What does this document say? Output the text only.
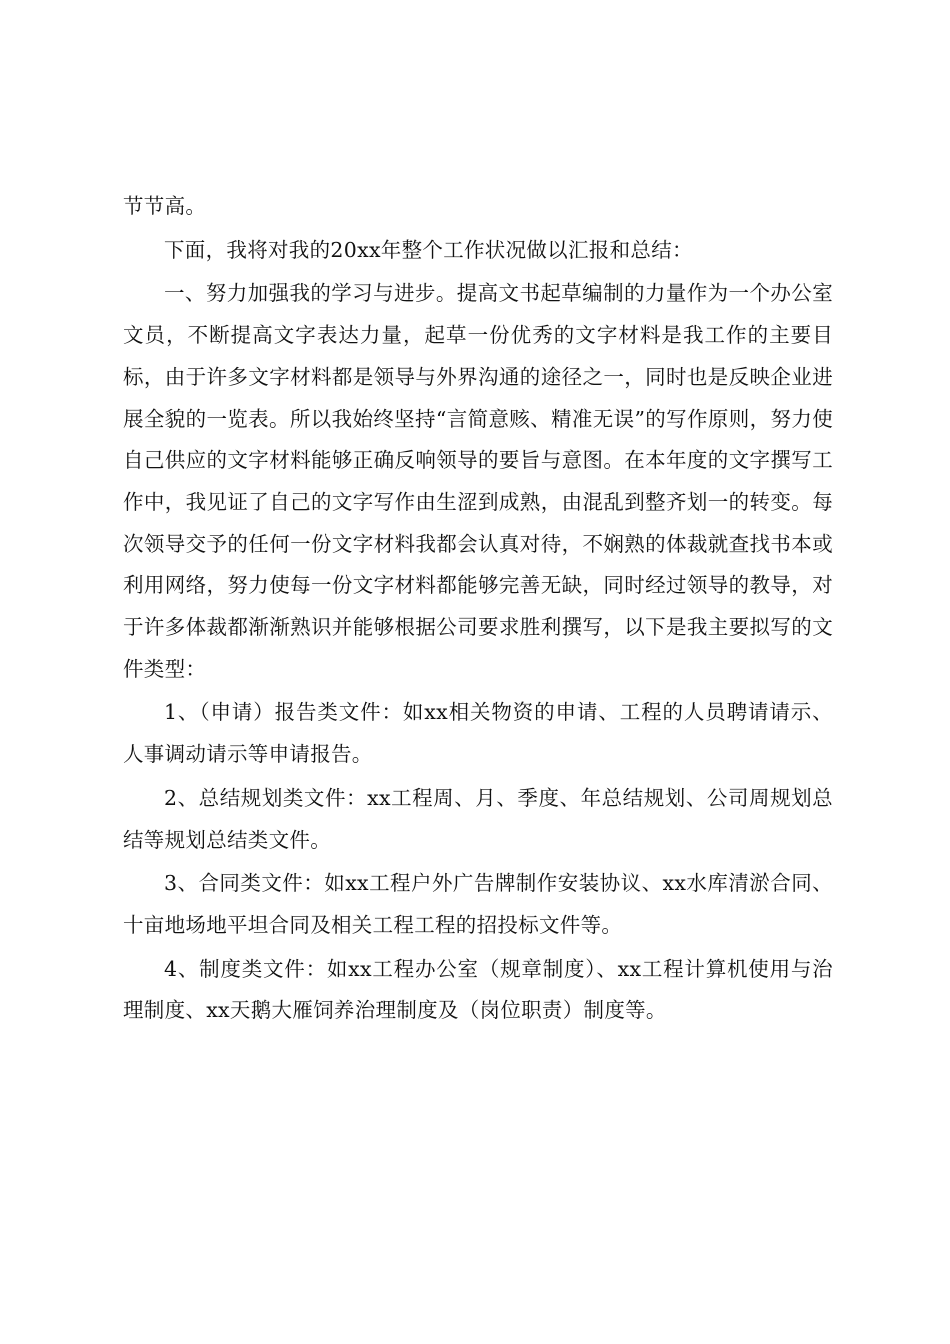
节节高。

下面，我将对我的20xx年整个工作状况做以汇报和总结：

一、努力加强我的学习与进步。提高文书起草编制的力量作为一个办公室文员，不断提高文字表达力量，起草一份优秀的文字材料是我工作的主要目标，由于许多文字材料都是领导与外界沟通的途径之一，同时也是反映企业进展全貌的一览表。所以我始终坚持“言简意赅、精准无误”的写作原则，努力使自己供应的文字材料能够正确反响领导的要旨与意图。在本年度的文字撰写工作中，我见证了自己的文字写作由生涩到成熟，由混乱到整齐划一的转变。每次领导交予的任何一份文字材料我都会认真对待，不娴熟的体裁就查找书本或利用网络，努力使每一份文字材料都能够完善无缺，同时经过领导的教导，对于许多体裁都渐渐熟识并能够根据公司要求胜利撰写，以下是我主要拟写的文件类型：

1、（申请）报告类文件：如xx相关物资的申请、工程的人员聘请请示、人事调动请示等申请报告。

2、总结规划类文件：xx工程周、月、季度、年总结规划、公司周规划总结等规划总结类文件。

3、合同类文件：如xx工程户外广告牌制作安装协议、xx水库清淤合同、十亩地场地平坦合同及相关工程工程的招投标文件等。

4、制度类文件：如xx工程办公室（规章制度）、xx工程计算机使用与治理制度、xx天鹅大雁饲养治理制度及（岗位职责）制度等。
